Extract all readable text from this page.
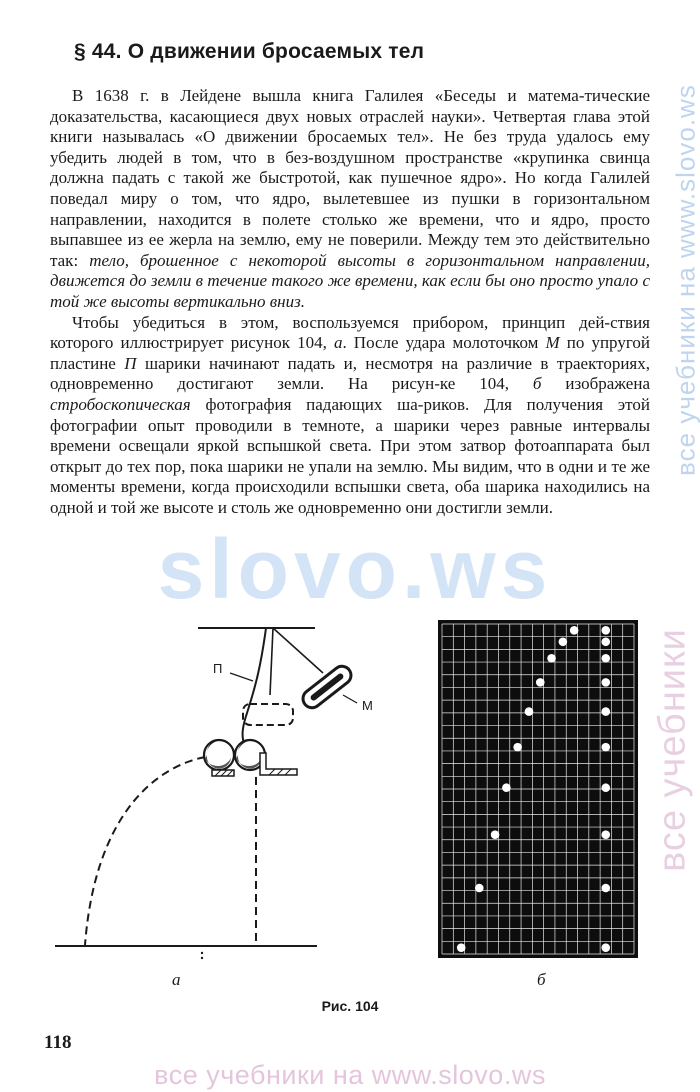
§ 44. О движении бросаемых тел

В 1638 г. в Лейдене вышла книга Галилея «Беседы и матема-тические доказательства, касающиеся двух новых отраслей науки». Четвертая глава этой книги называлась «О движении бросаемых тел». Не без труда удалось ему убедить людей в том, что в без-воздушном пространстве «крупинка свинца должна падать с такой же быстротой, как пушечное ядро». Но когда Галилей поведал миру о том, что ядро, вылетевшее из пушки в горизонтальном направлении, находится в полете столько же времени, что и ядро, просто выпавшее из ее жерла на землю, ему не поверили. Между тем это действительно так: тело, брошенное с некоторой высоты в горизонтальном направлении, движется до земли в течение такого же времени, как если бы оно просто упало с той же высоты вертикально вниз.

Чтобы убедиться в этом, воспользуемся прибором, принцип дей-ствия которого иллюстрирует рисунок 104, а. После удара молоточком М по упругой пластине П шарики начинают падать и, несмотря на различие в траекториях, одновременно достигают земли. На рисун-ке 104, б изображена стробоскопическая фотография падающих ша-риков. Для получения этой фотографии опыт проводили в темноте, а шарики через равные интервалы времени освещали яркой вспышкой света. При этом затвор фотоаппарата был открыт до тех пор, пока шарики не упали на землю. Мы видим, что в одни и те же моменты времени, когда происходили вспышки света, оба шарика находились на одной и той же высоте и столь же одновременно они достигли земли.

М
П
а	б
Рис. 104
118
slovo.ws
все учебники на www.slovo.ws
все учебники
все учебники на www.slovo.ws
